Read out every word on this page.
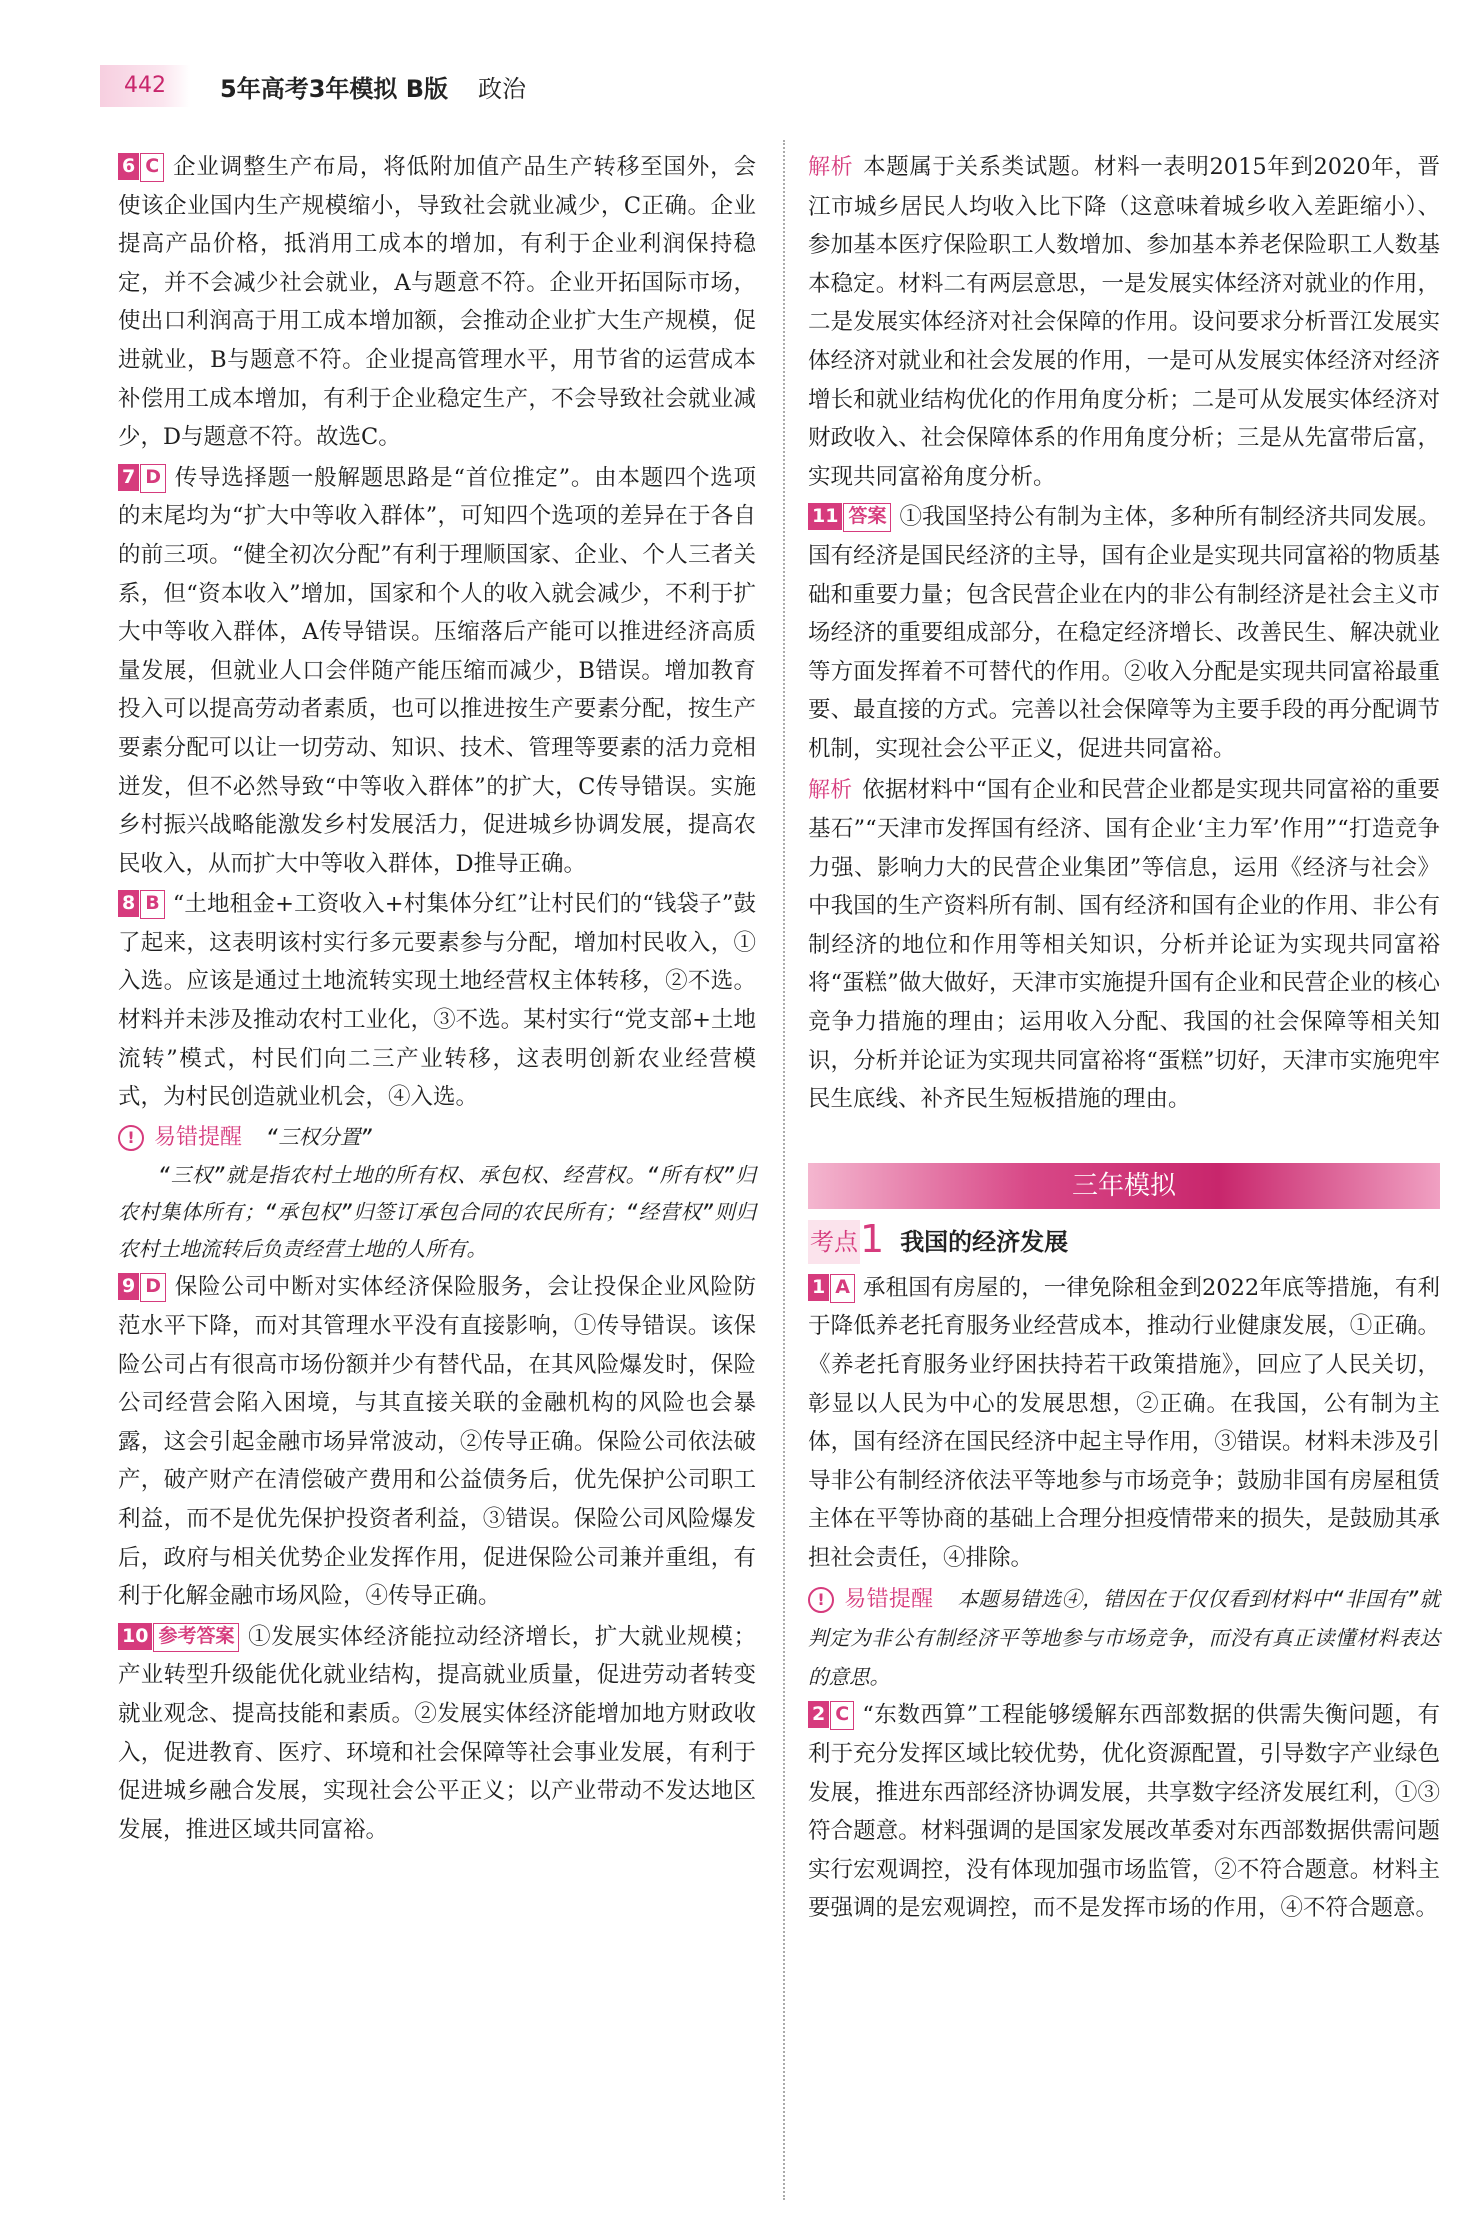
442	5年高考3年模拟 B版 政治

6 C 企业调整生产布局，将低附加值产品生产转移至国外，会使该企业国内生产规模缩小，导致社会就业减少，C正确。企业提高产品价格，抵消用工成本的增加，有利于企业利润保持稳定，并不会减少社会就业，A与题意不符。企业开拓国际市场，使出口利润高于用工成本增加额，会推动企业扩大生产规模，促进就业，B与题意不符。企业提高管理水平，用节省的运营成本补偿用工成本增加，有利于企业稳定生产，不会导致社会就业减少，D与题意不符。故选C。

7 D 传导选择题一般解题思路是“首位推定”。由本题四个选项的末尾均为“扩大中等收入群体”，可知四个选项的差异在于各自的前三项。“健全初次分配”有利于理顺国家、企业、个人三者关系，但“资本收入”增加，国家和个人的收入就会减少，不利于扩大中等收入群体，A传导错误。压缩落后产能可以推进经济高质量发展，但就业人口会伴随产能压缩而减少，B错误。增加教育投入可以提高劳动者素质，也可以推进按生产要素分配，按生产要素分配可以让一切劳动、知识、技术、管理等要素的活力竞相迸发，但不必然导致“中等收入群体”的扩大，C传导错误。实施乡村振兴战略能激发乡村发展活力，促进城乡协调发展，提高农民收入，从而扩大中等收入群体，D推导正确。

8 B “土地租金+工资收入+村集体分红”让村民们的“钱袋子”鼓了起来，这表明该村实行多元要素参与分配，增加村民收入，①入选。应该是通过土地流转实现土地经营权主体转移，②不选。材料并未涉及推动农村工业化，③不选。某村实行“党支部+土地流转”模式，村民们向二三产业转移，这表明创新农业经营模式，为村民创造就业机会，④入选。

! 易错提醒 “三权分置”
“三权”就是指农村土地的所有权、承包权、经营权。“所有权”归农村集体所有；“承包权”归签订承包合同的农民所有；“经营权”则归农村土地流转后负责经营土地的人所有。

9 D 保险公司中断对实体经济保险服务，会让投保企业风险防范水平下降，而对其管理水平没有直接影响，①传导错误。该保险公司占有很高市场份额并少有替代品，在其风险爆发时，保险公司经营会陷入困境，与其直接关联的金融机构的风险也会暴露，这会引起金融市场异常波动，②传导正确。保险公司依法破产，破产财产在清偿破产费用和公益债务后，优先保护公司职工利益，而不是优先保护投资者利益，③错误。保险公司风险爆发后，政府与相关优势企业发挥作用，促进保险公司兼并重组，有利于化解金融市场风险，④传导正确。

10 参考答案 ①发展实体经济能拉动经济增长，扩大就业规模；产业转型升级能优化就业结构，提高就业质量，促进劳动者转变就业观念、提高技能和素质。②发展实体经济能增加地方财政收入，促进教育、医疗、环境和社会保障等社会事业发展，有利于促进城乡融合发展，实现社会公平正义；以产业带动不发达地区发展，推进区域共同富裕。

解析 本题属于关系类试题。材料一表明2015年到2020年，晋江市城乡居民人均收入比下降（这意味着城乡收入差距缩小）、参加基本医疗保险职工人数增加、参加基本养老保险职工人数基本稳定。材料二有两层意思，一是发展实体经济对就业的作用，二是发展实体经济对社会保障的作用。设问要求分析晋江发展实体经济对就业和社会发展的作用，一是可从发展实体经济对经济增长和就业结构优化的作用角度分析；二是可从发展实体经济对财政收入、社会保障体系的作用角度分析；三是从先富带后富，实现共同富裕角度分析。

11 答案 ①我国坚持公有制为主体，多种所有制经济共同发展。国有经济是国民经济的主导，国有企业是实现共同富裕的物质基础和重要力量；包含民营企业在内的非公有制经济是社会主义市场经济的重要组成部分，在稳定经济增长、改善民生、解决就业等方面发挥着不可替代的作用。②收入分配是实现共同富裕最重要、最直接的方式。完善以社会保障等为主要手段的再分配调节机制，实现社会公平正义，促进共同富裕。

解析 依据材料中“国有企业和民营企业都是实现共同富裕的重要基石”“天津市发挥国有经济、国有企业‘主力军’作用”“打造竞争力强、影响力大的民营企业集团”等信息，运用《经济与社会》中我国的生产资料所有制、国有经济和国有企业的作用、非公有制经济的地位和作用等相关知识，分析并论证为实现共同富裕将“蛋糕”做大做好，天津市实施提升国有企业和民营企业的核心竞争力措施的理由；运用收入分配、我国的社会保障等相关知识，分析并论证为实现共同富裕将“蛋糕”切好，天津市实施兜牢民生底线、补齐民生短板措施的理由。

三年模拟
考点1 我国的经济发展

1 A 承租国有房屋的，一律免除租金到2022年底等措施，有利于降低养老托育服务业经营成本，推动行业健康发展，①正确。《养老托育服务业纾困扶持若干政策措施》，回应了人民关切，彰显以人民为中心的发展思想，②正确。在我国，公有制为主体，国有经济在国民经济中起主导作用，③错误。材料未涉及引导非公有制经济依法平等地参与市场竞争；鼓励非国有房屋租赁主体在平等协商的基础上合理分担疫情带来的损失，是鼓励其承担社会责任，④排除。

! 易错提醒 本题易错选④，错因在于仅仅看到材料中“非国有”就判定为非公有制经济平等地参与市场竞争，而没有真正读懂材料表达的意思。

2 C “东数西算”工程能够缓解东西部数据的供需失衡问题，有利于充分发挥区域比较优势，优化资源配置，引导数字产业绿色发展，推进东西部经济协调发展，共享数字经济发展红利，①③符合题意。材料强调的是国家发展改革委对东西部数据供需问题实行宏观调控，没有体现加强市场监管，②不符合题意。材料主要强调的是宏观调控，而不是发挥市场的作用，④不符合题意。
